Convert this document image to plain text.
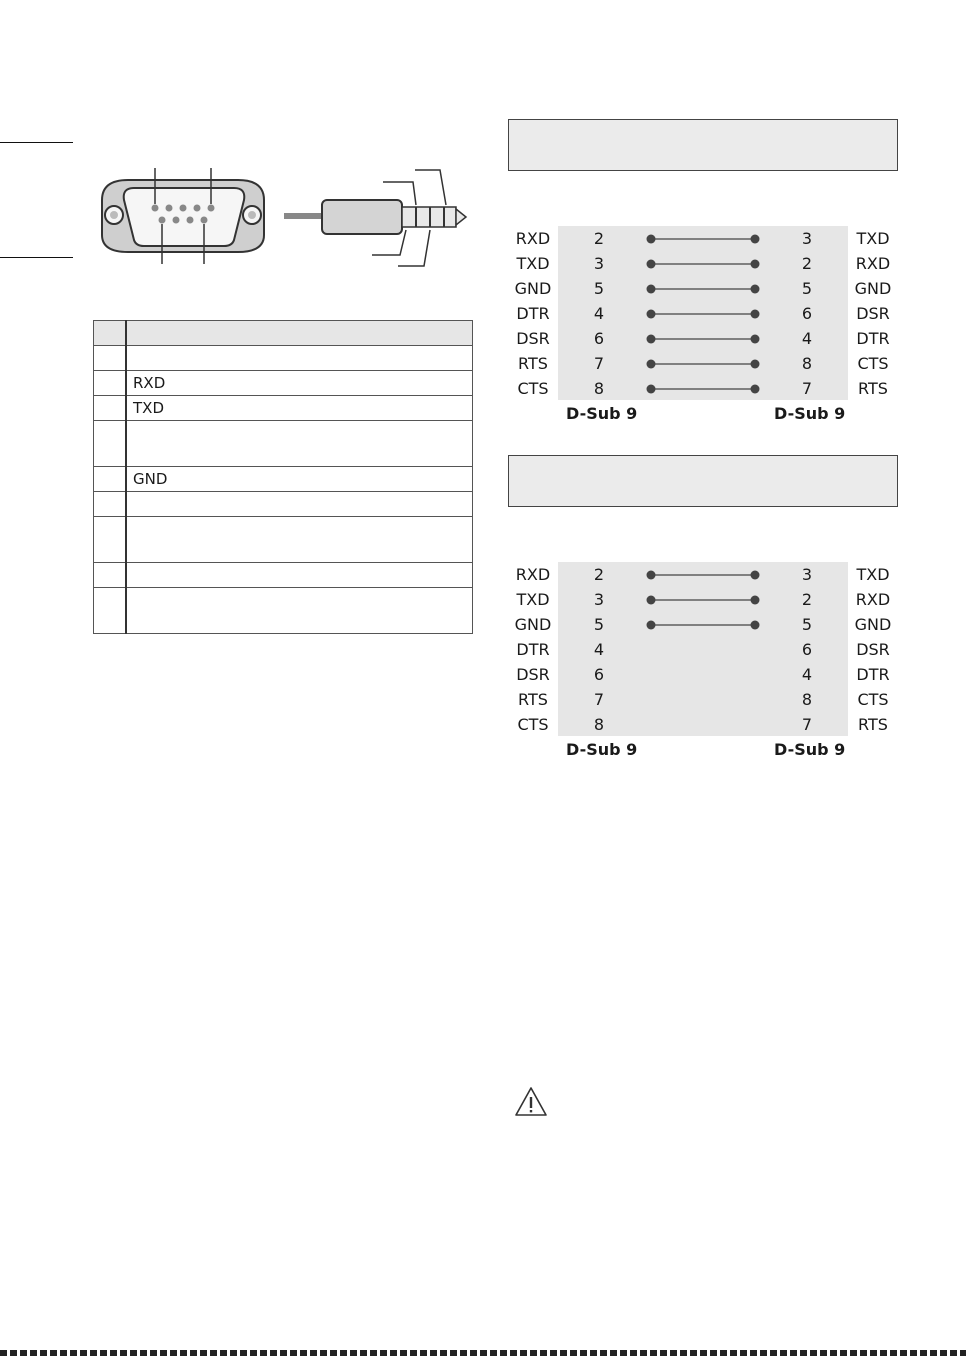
	RXD
	TXD

	GND

RXD	2	3	TXD
TXD	3	2	RXD
GND	5	5	GND
DTR	4	6	DSR
DSR	6	4	DTR
RTS	7	8	CTS
CTS	8	7	RTS
D-Sub 9	D-Sub 9
RXD	2	3	TXD
TXD	3	2	RXD
GND	5	5	GND
DTR	4	6	DSR
DSR	6	4	DTR
RTS	7	8	CTS
CTS	8	7	RTS
D-Sub 9	D-Sub 9
